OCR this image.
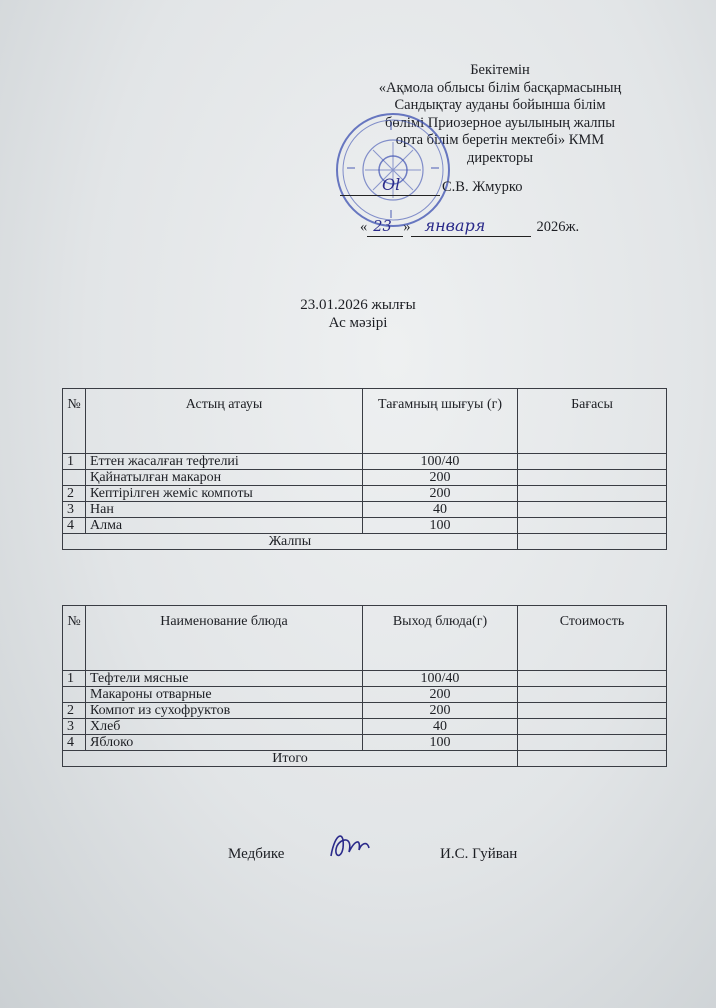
Бекітемін
«Ақмола облысы білім басқармасының
Сандықтау ауданы бойынша білім
бөлімі Приозерное ауылының жалпы
орта білім беретін мектебі» КММ
директоры
Ol	С.В. Жмурко
« 23 » января	2026ж.
23.01.2026 жылғы
Ас мәзірі
№	Астың атауы	Тағамның шығуы (г)	Бағасы
1	Еттен жасалған тефтелиі	100/40	
	Қайнатылған макарон	200	
2	Кептірілген жеміс компоты	200	
3	Нан	40	
4	Алма	100	
Жалпы			
№	Наименование блюда	Выход блюда(г)	Стоимость
1	Тефтели мясные	100/40	
	Макароны отварные	200	
2	Компот из сухофруктов	200	
3	Хлеб	40	
4	Яблоко	100	
Итого			
Медбике	И.С. Гуйван
